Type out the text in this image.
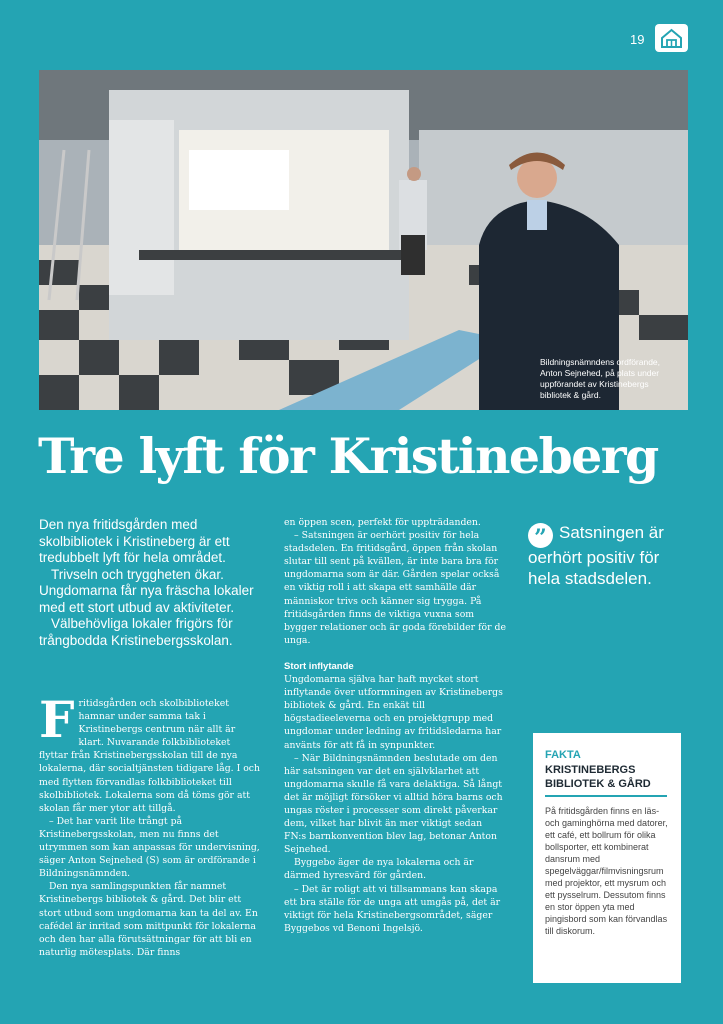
19
Bildningsnämndens ordförande, Anton Sejnehed, på plats under uppförandet av Kristinebergs bibliotek & gård.
Tre lyft för Kristineberg

Den nya fritidsgården med skolbibliotek i Kristineberg är ett tredubbelt lyft för hela området.

Trivseln och tryggheten ökar. Ungdomarna får nya fräscha lokaler med ett stort utbud av aktiviteter.

Välbehövliga lokaler frigörs för trångbodda Kristinebergsskolan.

Fritidsgården och skolbiblioteket hamnar under samma tak i Kristinebergs centrum när allt är klart. Nuvarande folkbiblioteket flyttar från Kristinebergsskolan till de nya lokalerna, där socialtjänsten tidigare låg. I och med flytten förvandlas folkbiblioteket till skolbibliotek. Lokalerna som då töms gör att skolan får mer ytor att tillgå.

– Det har varit lite trångt på Kristinebergsskolan, men nu finns det utrymmen som kan anpassas för undervisning, säger Anton Sejnehed (S) som är ordförande i Bildningsnämnden.

Den nya samlingspunkten får namnet Kristinebergs bibliotek & gård. Det blir ett stort utbud som ungdomarna kan ta del av. En cafédel är inritad som mittpunkt för lokalerna och den har alla förutsättningar för att bli en naturlig mötesplats. Där finns

en öppen scen, perfekt för uppträdanden.

– Satsningen är oerhört positiv för hela stadsdelen. En fritidsgård, öppen från skolan slutar till sent på kvällen, är inte bara bra för ungdomarna som är där. Gården spelar också en viktig roll i att skapa ett samhälle där människor trivs och känner sig trygga. På fritidsgården finns de viktiga vuxna som bygger relationer och är goda förebilder för de unga.

Stort inflytande

Ungdomarna själva har haft mycket stort inflytande över utformningen av Kristinebergs bibliotek & gård. En enkät till högstadieeleverna och en projektgrupp med ungdomar under ledning av fritidsledarna har använts för att få in synpunkter.

– När Bildningsnämnden beslutade om den här satsningen var det en självklarhet att ungdomarna skulle få vara delaktiga. Så långt det är möjligt försöker vi alltid höra barns och ungas röster i processer som direkt påverkar dem, vilket har blivit än mer viktigt sedan FN:s barnkonvention blev lag, betonar Anton Sejnehed.

Byggebo äger de nya lokalerna och är därmed hyresvärd för gården.

– Det är roligt att vi tillsammans kan skapa ett bra ställe för de unga att umgås på, det är viktigt för hela Kristinebergsområdet, säger Byggebos vd Benoni Ingelsjö.

” Satsningen är oerhört positiv för hela stadsdelen.
FAKTA
KRISTINEBERGS BIBLIOTEK & GÅRD
På fritidsgården finns en läs- och gaminghörna med datorer, ett café, ett bollrum för olika bollsporter, ett kombinerat dansrum med spegelväggar/filmvisningsrum med projektor, ett mysrum och ett pysselrum. Dessutom finns en stor öppen yta med pingisbord som kan förvandlas till diskorum.
